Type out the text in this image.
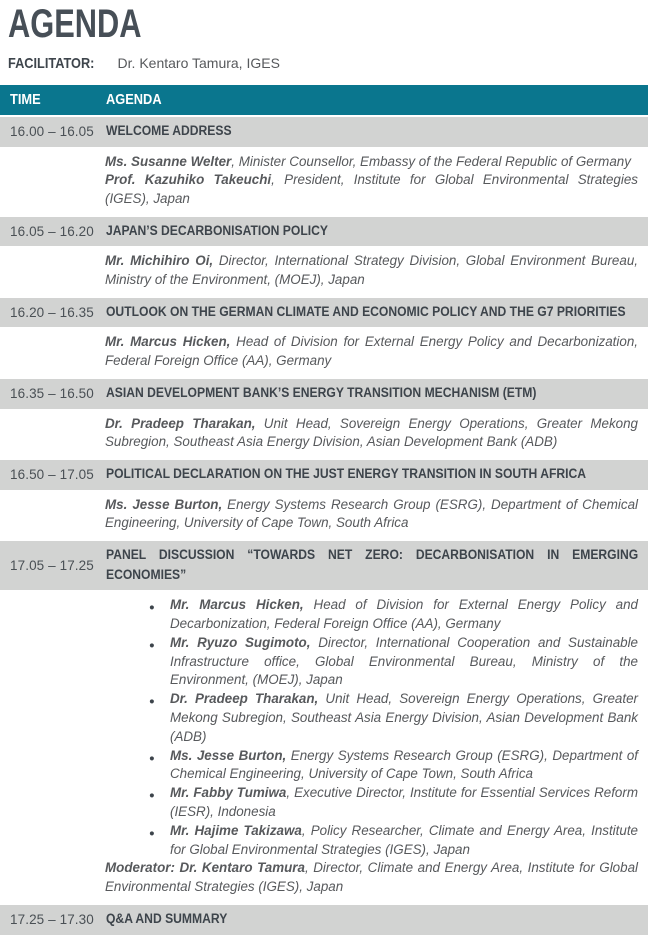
AGENDA
FACILITATOR: Dr. Kentaro Tamura, IGES
TIME	AGENDA

16.00 – 16.05	WELCOME ADDRESS

	Ms. Susanne Welter, Minister Counsellor, Embassy of the Federal Republic of Germany
Prof. Kazuhiko Takeuchi, President, Institute for Global Environmental Strategies (IGES), Japan

16.05 – 16.20	JAPAN’S DECARBONISATION POLICY

	Mr. Michihiro Oi, Director, International Strategy Division, Global Environment Bureau, Ministry of the Environment, (MOEJ), Japan

16.20 – 16.35	OUTLOOK ON THE GERMAN CLIMATE AND ECONOMIC POLICY AND THE G7 PRIORITIES

	Mr. Marcus Hicken, Head of Division for External Energy Policy and Decarbonization, Federal Foreign Office (AA), Germany

16.35 – 16.50	ASIAN DEVELOPMENT BANK’S ENERGY TRANSITION MECHANISM (ETM)

	Dr. Pradeep Tharakan, Unit Head, Sovereign Energy Operations, Greater Mekong Subregion, Southeast Asia Energy Division, Asian Development Bank (ADB)

16.50 – 17.05	POLITICAL DECLARATION ON THE JUST ENERGY TRANSITION IN SOUTH AFRICA

	Ms. Jesse Burton, Energy Systems Research Group (ESRG), Department of Chemical Engineering, University of Cape Town, South Africa

17.05 – 17.25	PANEL DISCUSSION “TOWARDS NET ZERO: DECARBONISATION IN EMERGING ECONOMIES”

● Mr. Marcus Hicken, Head of Division for External Energy Policy and Decarbonization, Federal Foreign Office (AA), Germany
● Mr. Ryuzo Sugimoto, Director, International Cooperation and Sustainable Infrastructure office, Global Environmental Bureau, Ministry of the Environment, (MOEJ), Japan
● Dr. Pradeep Tharakan, Unit Head, Sovereign Energy Operations, Greater Mekong Subregion, Southeast Asia Energy Division, Asian Development Bank (ADB)
● Ms. Jesse Burton, Energy Systems Research Group (ESRG), Department of Chemical Engineering, University of Cape Town, South Africa
● Mr. Fabby Tumiwa, Executive Director, Institute for Essential Services Reform (IESR), Indonesia
● Mr. Hajime Takizawa, Policy Researcher, Climate and Energy Area, Institute for Global Environmental Strategies (IGES), Japan
Moderator: Dr. Kentaro Tamura, Director, Climate and Energy Area, Institute for Global Environmental Strategies (IGES), Japan

17.25 – 17.30	Q&A AND SUMMARY
